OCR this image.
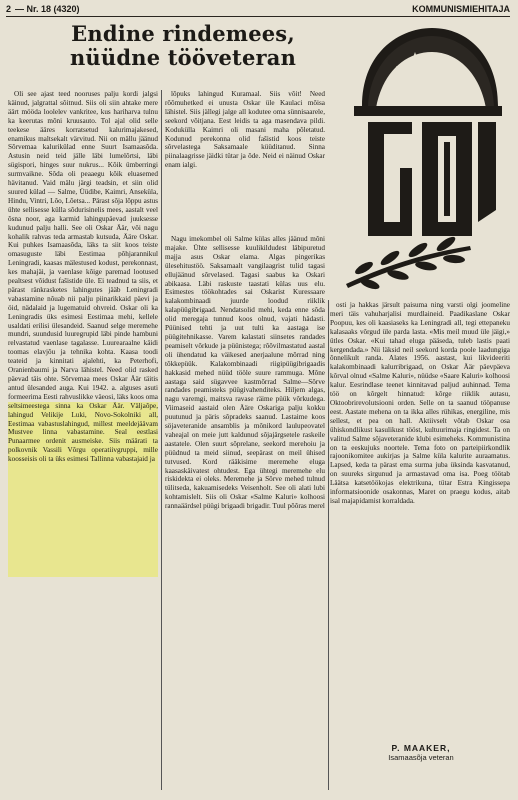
2 — Nr. 18 (4320)	KOMMUNISMIEHITAJA
Endine rindemees,
nüüdne tööveteran

Oli see ajast teed nooruses palju kordi jalgsi käinud, jalgrattal sõitnud. Siis oli siin ahtake mere äärt mööda loolelev vankritee, kus hariharva tulnu ka keerutas mõni kruusauto. Tol ajal olid selle teekese ääres korratsetud kalurimajakesed, enamikus maltsekalt värvitud. Nii on mällu jäänud Sõrvemaa kalurikülad enne Suurt Isamaasõda. Astusin neid teid jälle läbi lumelõrtsi, läbi sügispori, hinges suur nukrus... Kõik ümberringi surmvaikne. Sõda oli peaaegu kõik eluasemed hävitanud. Vaid mälu järgi teadsin, et siin olid suured külad — Salme, Üüdibe, Kaimri, Anseküla, Hindu, Vintri, Lõo, Lõetsa... Pärast sõja lõppu astus ühte sellisesse külla sõdurisinelis mees, aastalt veel õsna noor, aga karmid lahingupäevad juuksesse kudunud palju halli. See oli Oskar Äär, või nagu kohalik rahvas teda armastab kutsuda, Ääre Oskar. Kui puhkes Isamaasõda, läks ta siit koos teiste omasuguste läbi Eestimaa põhjarannikul Leningradi, kaasas mälestused kodust, perekonnast, kes mahajäi, ja vaenlase kõige paremad lootused pealtsest võidust fašistide üle. Ei teadnud ta siis, et pärast ränkrasketes lahingutes jääb Leningradi vabastamine nõuab nii palju piinarikkaid päevi ja öid, nädalaid ja lugematuid ohvreid. Oskar oli ka Leningradis üks esimesi Eestimaa mehi, kellele usaldati erilisi ülesandeid. Saanud selge meremehe mundri, suundusid luuregrupid läbi pinde hambuni relvastatud vaenlase tagalasse. Luurearaalne käidi toomas elavjõu ja tehnika kohta. Kaasa toodi teateid ja kinnitati ajalehti, ka Peterhofi, Oranienbaumi ja Narva lähistel. Need olid rasked päevad täis ohte. Sõrvemaa mees Oskar Äär täitis antud ülesanded auga. Kui 1942. a. alguses asuti formeerima Eesti rahvuslikke väeosi, läks koos oma seltsimeestega sinna ka Oskar Äär. Väljaõpe, lahingud Velikije Luki, Novo-Sokolniki all, Eestimaa vabastuslahingud, millest meeldejäävam Mustvee linna vabastamine. Seal eestlasi Punaarmee ordenit ausmeiske. Siis määrati ta polkovnik Vassili Võrgu operatiivgruppi, mille koosseisis oli ta üks esimesi Tallinna vabastajaid ja

lõpuks lahingud Kuramaal. Siis võit! Need rõõmuhetked ei unusta Oskar üle Kaulaci mõisa lähistel. Siis jällegi jalge all kodutee oma sünnisaarele, seekord võitjana. Eest leidis ta aga masendava pildi. Kodukülla Kaimri oli masani maha põletatud. Kodunud perekonna olid fašistid koos teiste sõrvelastega Saksamaale küüditanud. Sinna piinalaagrisse jäidki tütar ja õde. Neid ei näinud Oskar enam ialgi.

Nagu imekombel oli Salme külas alles jäänud mõni majake. Ühte sellisesse kuulikildudest läbipuretud majja asus Oskar elama. Algas pingerikas ülesehitustöö. Saksamaalt vangilaagrist tulid tagasi ellujäänud sõrvelased. Tagasi saabus ka Oskari abikaasa. Läbi raskuste taastati külas uus elu. Esimestes töökohtades sai Oskarist Kuressaare kalakombinaadi juurde loodud riiklik kalapüügibrigaad. Nendatsolid mehi, keda enne sõda olid meregaja tunnud koos olnud, vajati hädasti. Püünised tehti ja uut tulti ka aastaga ise püügitehnikasse. Varem kalastati siinsetes randades peamiselt võrkude ja püünistega; rõõvilmastatud aastal oli ühendatud ka väikesed anerjaalune mõrrad ning tõkkepüük. Kalakombinaadi riigipüügibrigaadis hakkasid mehed nüüd tööle suure rammuga. Mõne aastaga said sügavvee kastmõrrad Salme—Sõrve randades peamisteks püügivahenditeks. Hiljem algas, nagu varemgi, maitsva ravase räime püük võrkudega. Viimaseid aastaid olen Ääre Oskariga palju kokku puutunud ja päris sõpradeks saanud. Lastaime koos söjaveteranide ansamblis ja mõnikord laulupeovatel vaheajal on meie jutt kaldunud sõjajärgsetele raskeile aastatele. Olen suurt sõprelane, seekord merehoiu ja püüdnud ta meid siinud, seepärast on meil ühised tutvused. Kord rääkisime meremehe eluga kaasaskäivatest ohtudest. Ega ühtegi meremehe elu riskidekta ei oleks. Meremehe ja Sõrve mehed tulnud tülitseda, kakuamisedeks Veisenholt. See oli alati lubi kohtamislelt. Siis oli Oskar «Salme Kaluri» kolhoosi rannaäärdsel püügi brigaadi brigadir. Tuul põõras merel

osti ja hakkas järsult paisuma ning varsti olgi joomeline meri täis vahuharjalisi murdlaineid. Paadikaslane Oskar Poopuu, kes oli kaasiaseks ka Leningradi all, tegi ettepaneku kalasaaks võrgud üle parda lasta. «Mis meil muud üle jäigi,» ütles Oskar. «Kui tahad eluga pääseda, tuleb lastis paati kergendada.» Nii läksid neil seekord korda poole laadungiga õnnelikult randa. Alates 1956. aastast, kui likvideeriti kalakombinaadi kalurribrigaad, on Oskar Äär päevpäeva kõrval olnud «Salme Kaluri», nüüdse «Saare Kaluri» kolhoosi kalur. Eesrindlase teenet kinnitavad paljud auhinnad. Tema töö on kõrgelt hinnatud: kõrge riiklik autasu, Oktoobrirevolutsiooni orden. Selle on ta saanud tööpanuse eest. Aastate mehena on ta ikka alles rühikas, energiline, mis sellest, et pea on hall. Aktiivselt võtab Oskar osa ühiskondlikust kasulikust tööst, kultuurimaja ringidest. Ta on valitud Salme sõjaveteranide klubi esimeheks. Kommunistina on ta eeskujuks noortele. Tema foto on parteipiirkondlik rajoonikomitee aukirjas ja Salme küla kalurite auraamatus. Lapsed, keda ta pärast ema surma juba üksinda kasvatanud, on suureks sirgunud ja armastavad oma isa. Poeg töötab Läätsa katsetöökojas elektrikuna, tütar Estra Kingissepa informatsioonide osakonnas, Maret on praegu kodus, aitab isal majapidamist korraldada.

P. MAAKER,
Isamaasõja veteran
